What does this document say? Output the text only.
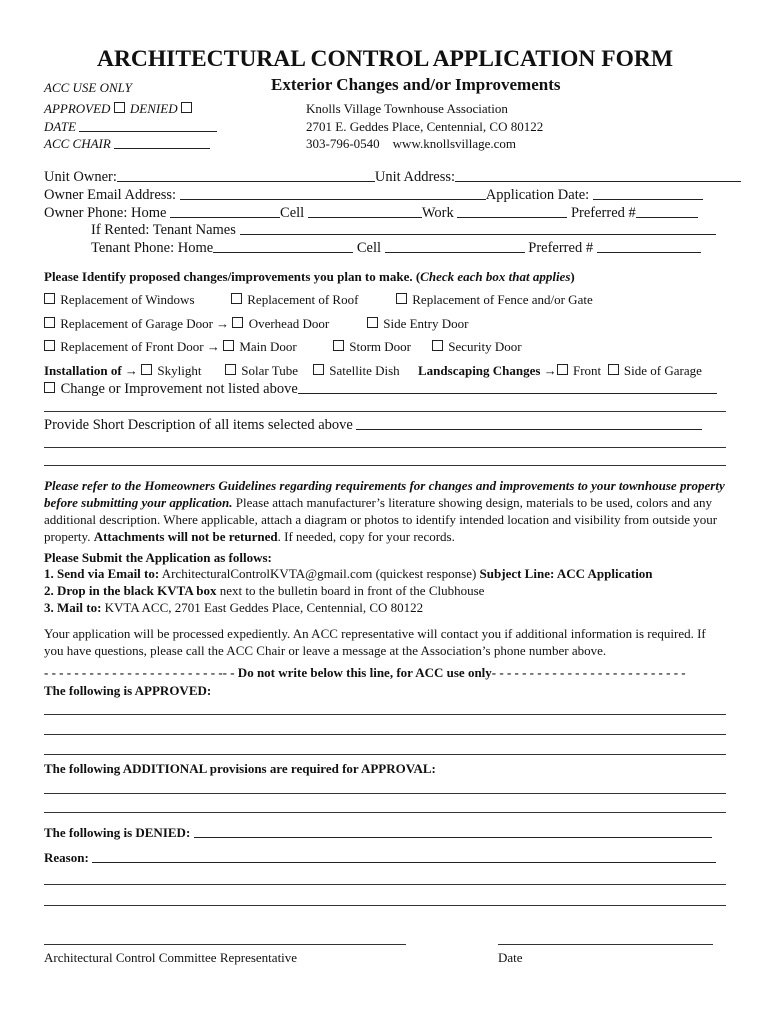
ARCHITECTURAL CONTROL APPLICATION FORM
ACC USE ONLY	Exterior Changes and/or Improvements
APPROVED DENIED
DATE
ACC CHAIR
Knolls Village Townhouse Association
2701 E. Geddes Place, Centennial, CO 80122
303-796-0540 www.knollsvillage.com
Unit Owner:	Unit Address:
Owner Email Address:	Application Date:
Owner Phone: Home	Cell	Work	Preferred #
If Rented: Tenant Names
Tenant Phone: Home	Cell	Preferred #
Please Identify proposed changes/improvements you plan to make. (Check each box that applies)
Replacement of Windows	Replacement of Roof	Replacement of Fence and/or Gate
Replacement of Garage Door → Overhead Door	Side Entry Door
Replacement of Front Door → Main Door	Storm Door	Security Door
Installation of → Skylight	Solar Tube	Satellite Dish Landscaping Changes → Front Side of Garage
Change or Improvement not listed above
Provide Short Description of all items selected above
Please refer to the Homeowners Guidelines regarding requirements for changes and improvements to your townhouse property before submitting your application. Please attach manufacturer’s literature showing design, materials to be used, colors and any additional description. Where applicable, attach a diagram or photos to identify intended location and visibility from outside your property. Attachments will not be returned. If needed, copy for your records.
Please Submit the Application as follows:
1. Send via Email to: ArchitecturalControlKVTA@gmail.com (quickest response) Subject Line: ACC Application
2. Drop in the black KVTA box next to the bulletin board in front of the Clubhouse
3. Mail to: KVTA ACC, 2701 East Geddes Place, Centennial, CO 80122
Your application will be processed expediently. An ACC representative will contact you if additional information is required. If you have questions, please call the ACC Chair or leave a message at the Association’s phone number above.
- - - - - - - - - - - - - - - - - - - - - - - -- - Do not write below this line, for ACC use only- - - - - - - - - - - - - - - - - - - - - - - - - -
The following is APPROVED:
The following ADDITIONAL provisions are required for APPROVAL:
The following is DENIED:
Reason:
Architectural Control Committee Representative	Date
